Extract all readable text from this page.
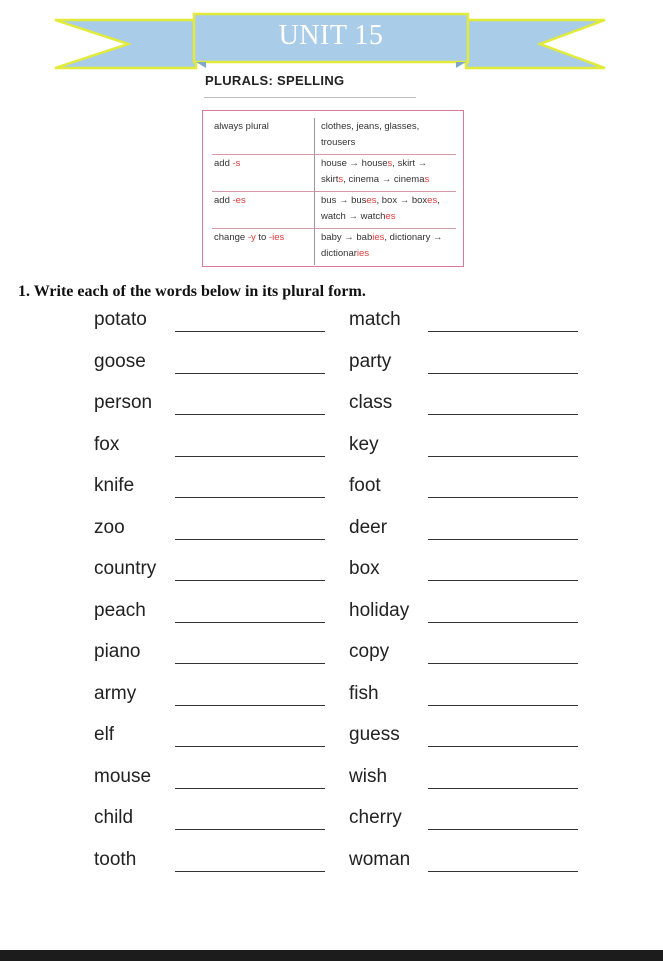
UNIT 15
PLURALS: SPELLING
always plural	clothes, jeans, glasses, trousers
add -s	house → houses, skirt → skirts, cinema → cinemas
add -es	bus → buses, box → boxes, watch → watches
change -y to -ies	baby → babies, dictionary → dictionaries
1. Write each of the words below in its plural form.
potato
goose
person
fox
knife
zoo
country
peach
piano
army
elf
mouse
child
tooth
match
party
class
key
foot
deer
box
holiday
copy
fish
guess
wish
cherry
woman
